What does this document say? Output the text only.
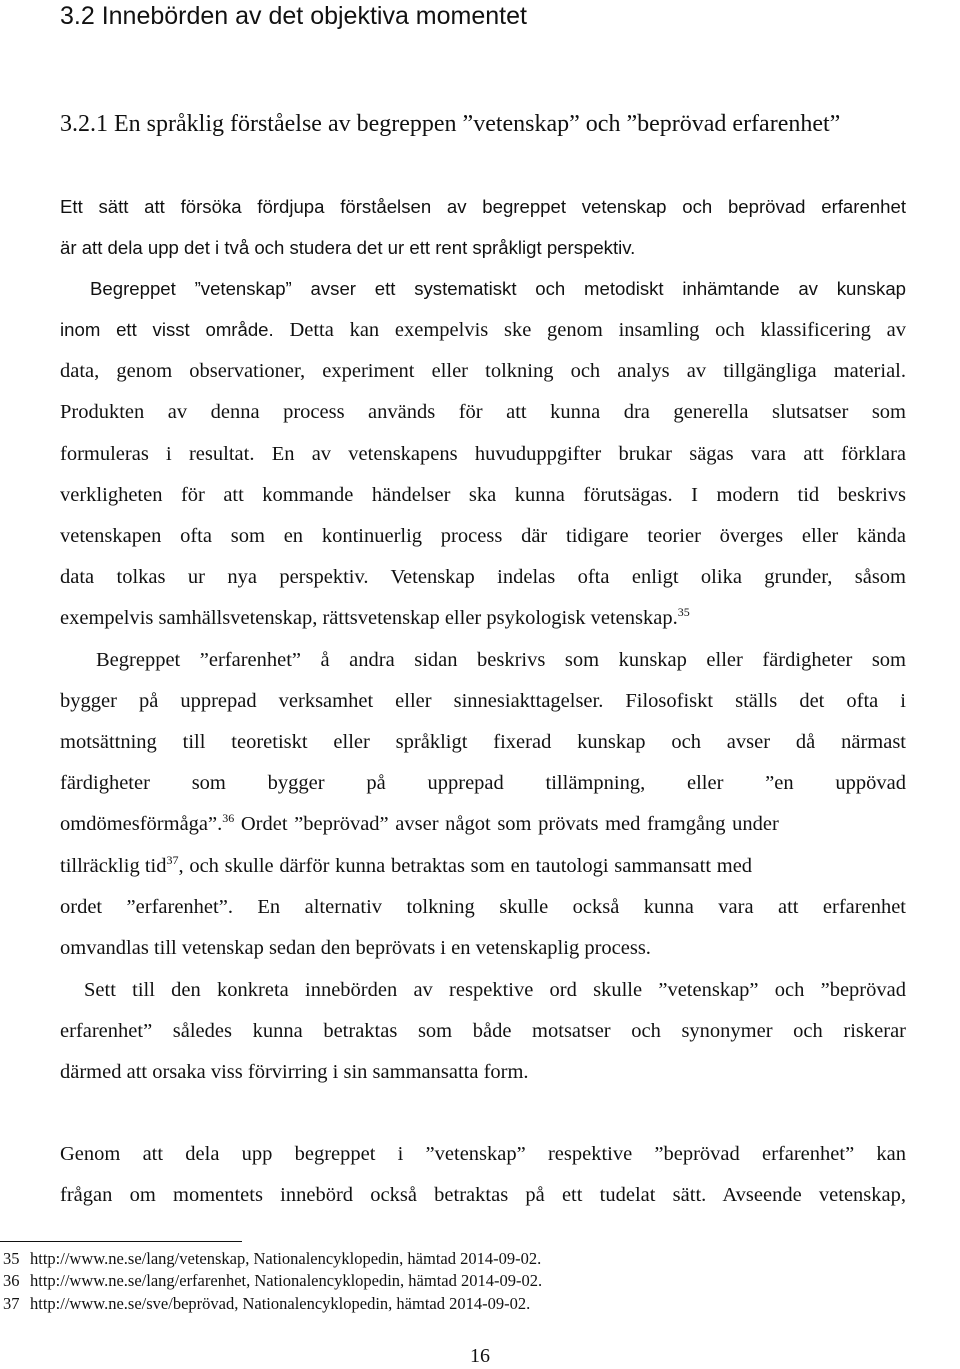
3.2 Innebörden av det objektiva momentet
3.2.1 En språklig förståelse av begreppen ”vetenskap” och ”beprövad erfarenhet”
Ett sätt att försöka fördjupa förståelsen av begreppet vetenskap och beprövad erfarenhet
är att dela upp det i två och studera det ur ett rent språkligt perspektiv.
Begreppet ”vetenskap” avser ett systematiskt och metodiskt inhämtande av kunskap
inom ett visst område. Detta kan exempelvis ske genom insamling och klassificering av
data, genom observationer, experiment eller tolkning och analys av tillgängliga material.
Produkten av denna process används för att kunna dra generella slutsatser som
formuleras i resultat. En av vetenskapens huvuduppgifter brukar sägas vara att förklara
verkligheten för att kommande händelser ska kunna förutsägas. I modern tid beskrivs
vetenskapen ofta som en kontinuerlig process där tidigare teorier överges eller kända
data tolkas ur nya perspektiv. Vetenskap indelas ofta enligt olika grunder, såsom
exempelvis samhällsvetenskap, rättsvetenskap eller psykologisk vetenskap.$^{35}$
Begreppet ”erfarenhet” å andra sidan beskrivs som kunskap eller färdigheter som
bygger på upprepad verksamhet eller sinnesiakttagelser. Filosofiskt ställs det ofta i
motsättning till teoretiskt eller språkligt fixerad kunskap och avser då närmast
färdigheter som bygger på upprepad tillämpning, eller ”en uppövad
omdömesförmåga”.$^{36}$ Ordet ”beprövad” avser något som prövats med framgång under
tillräcklig tid$^{37}$, och skulle därför kunna betraktas som en tautologi sammansatt med
ordet ”erfarenhet”. En alternativ tolkning skulle också kunna vara att erfarenhet
omvandlas till vetenskap sedan den beprövats i en vetenskaplig process.
Sett till den konkreta innebörden av respektive ord skulle ”vetenskap” och ”beprövad
erfarenhet” således kunna betraktas som både motsatser och synonymer och riskerar
därmed att orsaka viss förvirring i sin sammansatta form.
Genom att dela upp begreppet i ”vetenskap” respektive ”beprövad erfarenhet” kan
frågan om momentets innebörd också betraktas på ett tudelat sätt. Avseende vetenskap,
35 http://www.ne.se/lang/vetenskap, Nationalencyklopedin, hämtad 2014-09-02.
36 http://www.ne.se/lang/erfarenhet, Nationalencyklopedin, hämtad 2014-09-02.
37 http://www.ne.se/sve/beprövad, Nationalencyklopedin, hämtad 2014-09-02.
16
